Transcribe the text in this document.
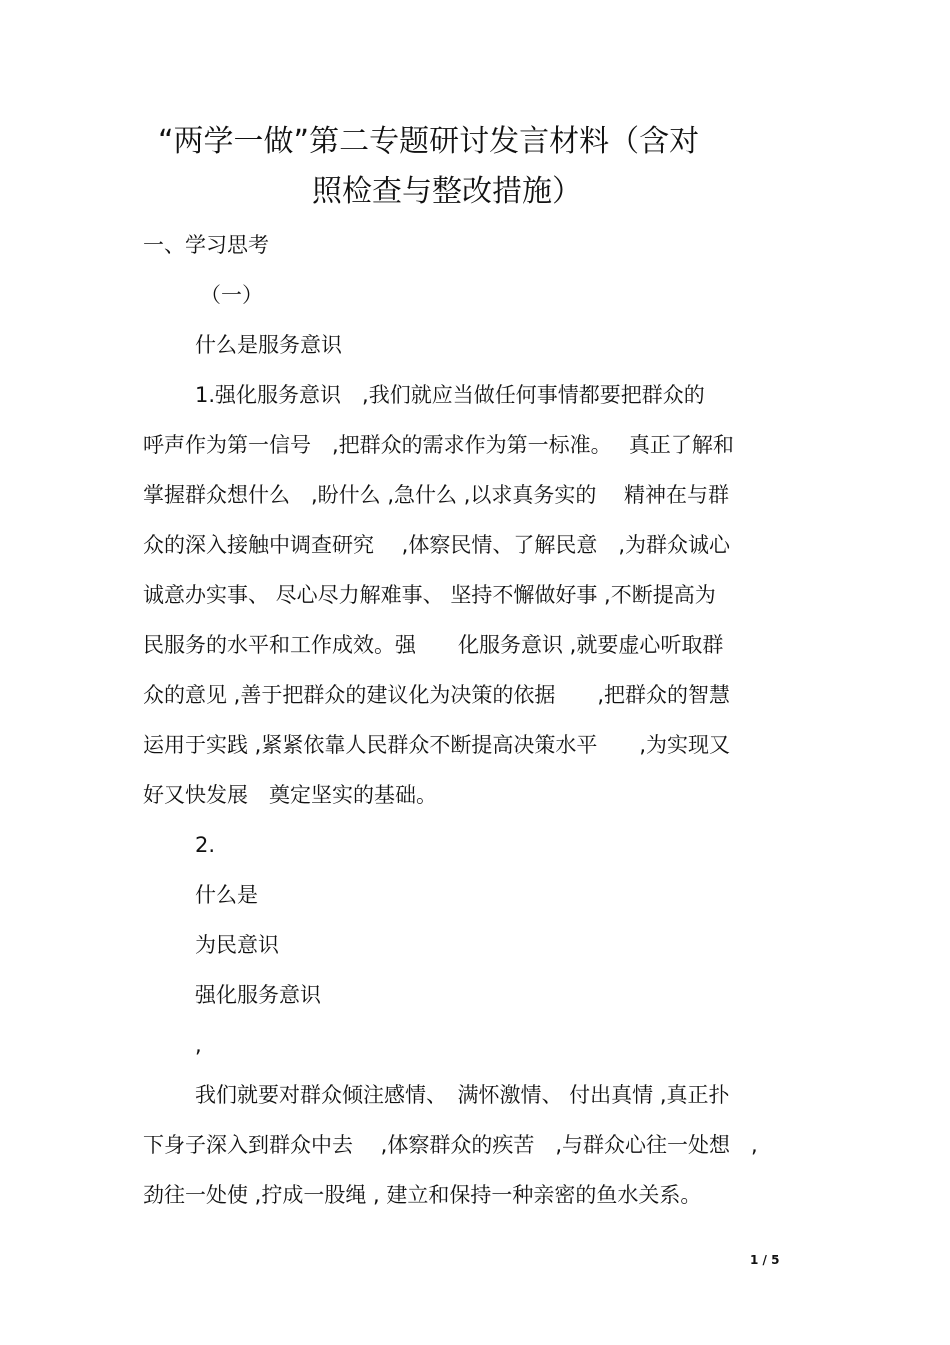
“两学一做”第二专题研讨发言材料（含对
照检查与整改措施）
一、学习思考
（一）
什么是服务意识
1.强化服务意识　,我们就应当做任何事情都要把群众的
呼声作为第一信号　,把群众的需求作为第一标准。　 真正了解和
掌握群众想什么　,盼什么 ,急什么 ,以求真务实的　 精神在与群
众的深入接触中调查研究　 ,体察民情、了解民意　,为群众诚心
诚意办实事、 尽心尽力解难事、 坚持不懈做好事 ,不断提高为
民服务的水平和工作成效。强　　化服务意识 ,就要虚心听取群
众的意见 ,善于把群众的建议化为决策的依据　　,把群众的智慧
运用于实践 ,紧紧依靠人民群众不断提高决策水平　　,为实现又
好又快发展　奠定坚实的基础。
2.
什么是
为民意识
强化服务意识
,
我们就要对群众倾注感情、　满怀激情、 付出真情 ,真正扑
下身子深入到群众中去　 ,体察群众的疾苦　,与群众心往一处想　,
劲往一处使 ,拧成一股绳 , 建立和保持一种亲密的鱼水关系。
1 / 5
